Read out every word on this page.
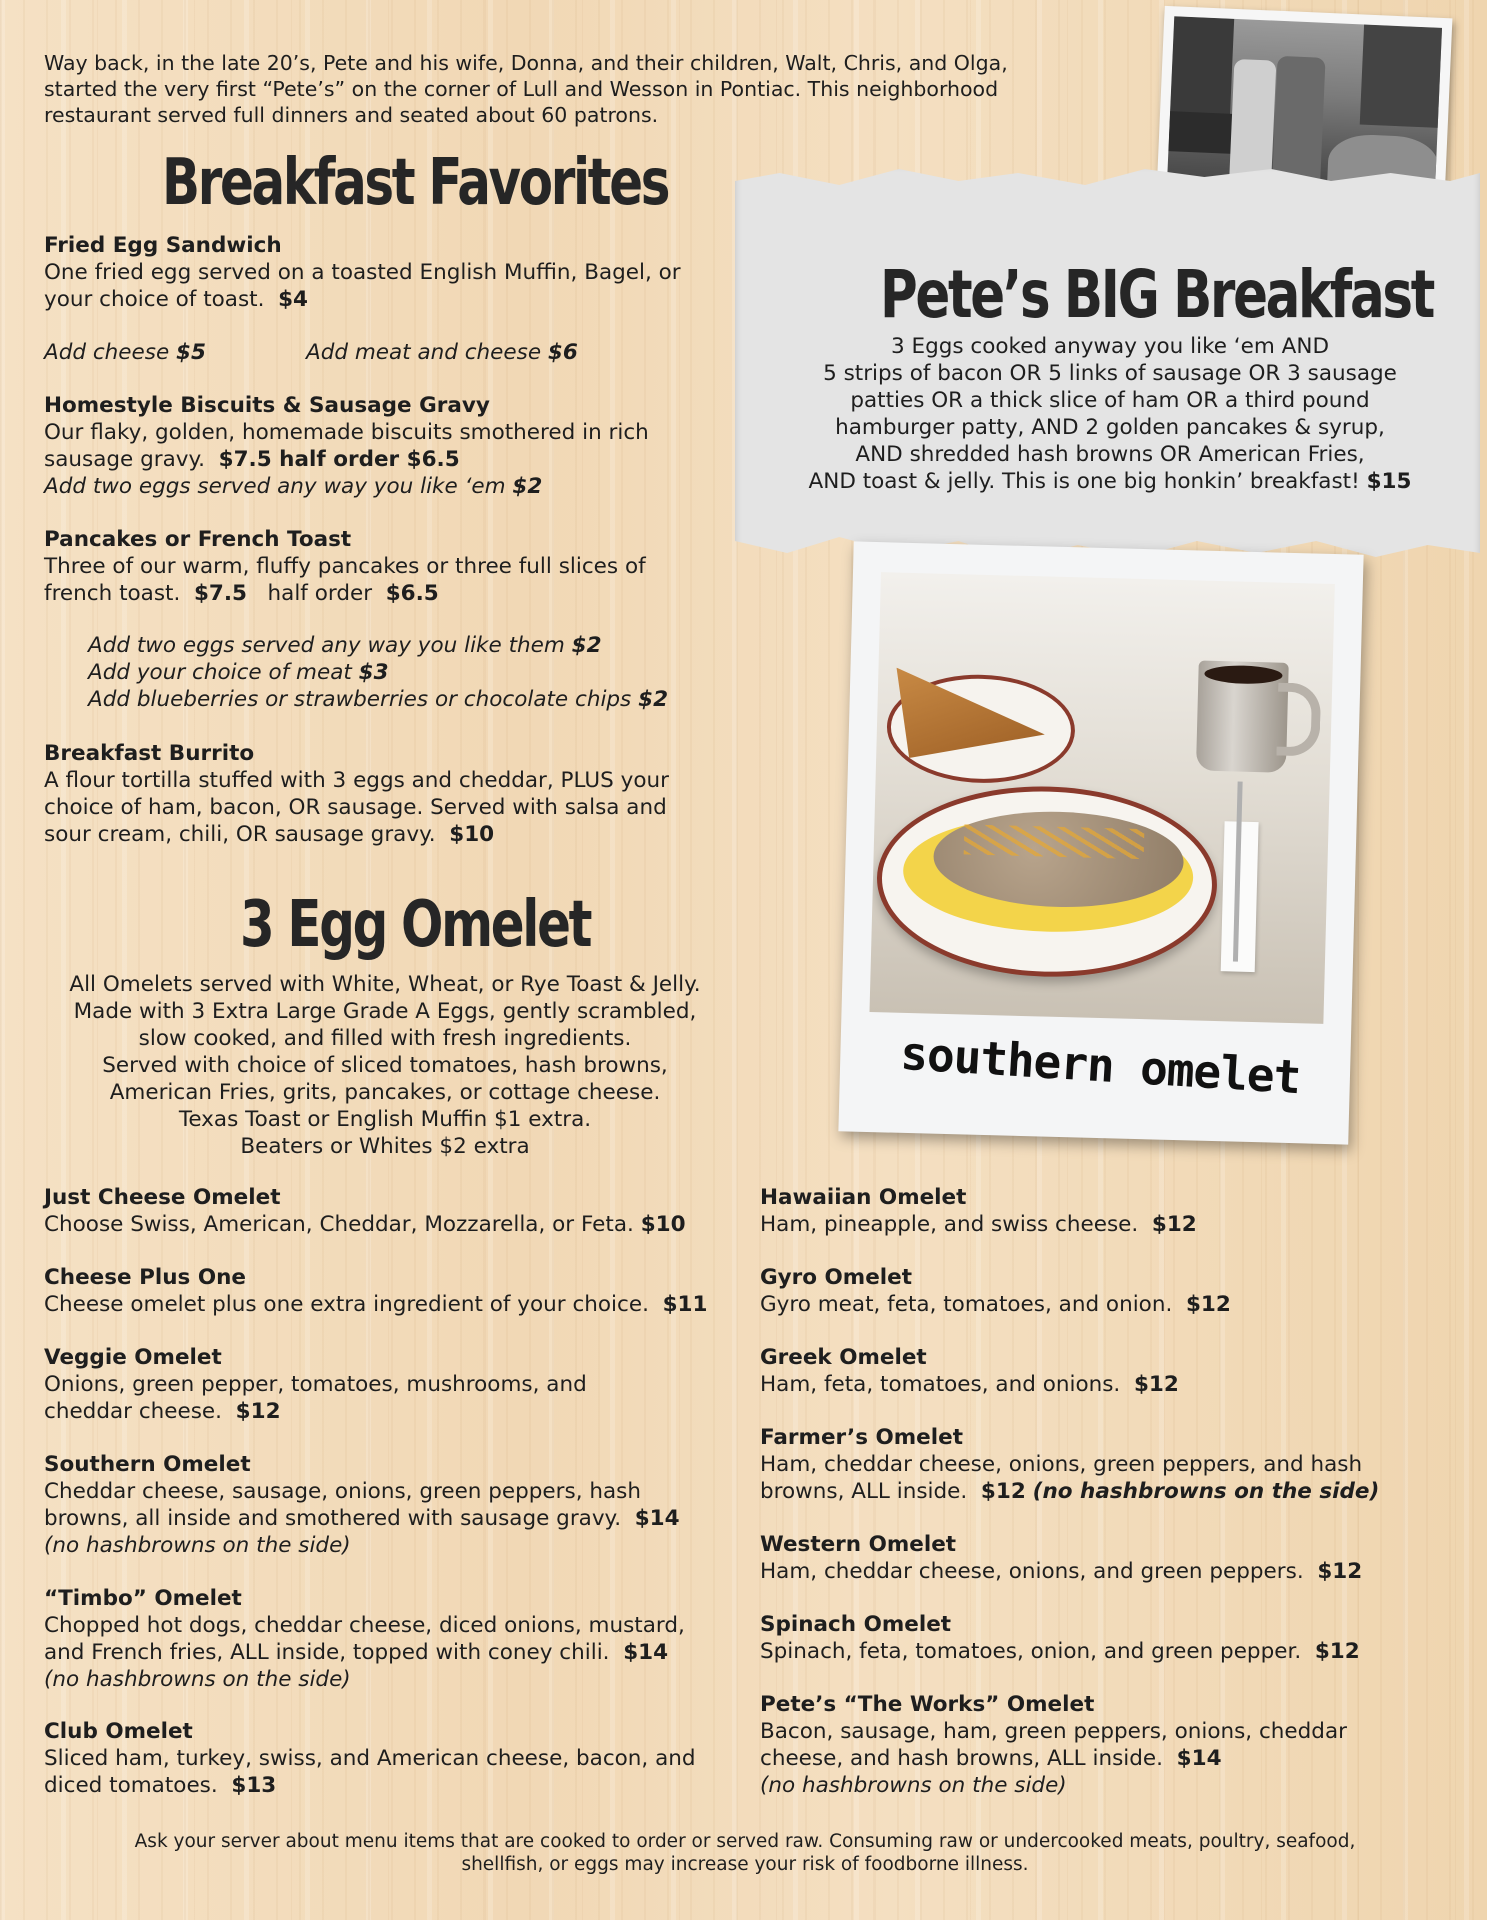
Way back, in the late 20’s, Pete and his wife, Donna, and their children, Walt, Chris, and Olga,
started the very first “Pete’s” on the corner of Lull and Wesson in Pontiac. This neighborhood
restaurant served full dinners and seated about 60 patrons.
Breakfast Favorites
Fried Egg Sandwich
One fried egg served on a toasted English Muffin, Bagel, or
your choice of toast. $4
Add cheese $5	Add meat and cheese $6
Homestyle Biscuits & Sausage Gravy
Our flaky, golden, homemade biscuits smothered in rich
sausage gravy. $7.5 half order $6.5
Add two eggs served any way you like ‘em $2
Pancakes or French Toast
Three of our warm, fluffy pancakes or three full slices of
french toast. $7.5 half order $6.5
Add two eggs served any way you like them $2
Add your choice of meat $3
Add blueberries or strawberries or chocolate chips $2
Breakfast Burrito
A flour tortilla stuffed with 3 eggs and cheddar, PLUS your
choice of ham, bacon, OR sausage. Served with salsa and
sour cream, chili, OR sausage gravy. $10
Pete’s BIG Breakfast
3 Eggs cooked anyway you like ‘em AND
5 strips of bacon OR 5 links of sausage OR 3 sausage
patties OR a thick slice of ham OR a third pound
hamburger patty, AND 2 golden pancakes & syrup,
AND shredded hash browns OR American Fries,
AND toast & jelly. This is one big honkin’ breakfast! $15
southern omelet
3 Egg Omelet
All Omelets served with White, Wheat, or Rye Toast & Jelly.
Made with 3 Extra Large Grade A Eggs, gently scrambled,
slow cooked, and filled with fresh ingredients.
Served with choice of sliced tomatoes, hash browns,
American Fries, grits, pancakes, or cottage cheese.
Texas Toast or English Muffin $1 extra.
Beaters or Whites $2 extra
Just Cheese Omelet
Choose Swiss, American, Cheddar, Mozzarella, or Feta. $10
Cheese Plus One
Cheese omelet plus one extra ingredient of your choice. $11
Veggie Omelet
Onions, green pepper, tomatoes, mushrooms, and
cheddar cheese. $12
Southern Omelet
Cheddar cheese, sausage, onions, green peppers, hash
browns, all inside and smothered with sausage gravy. $14
(no hashbrowns on the side)
“Timbo” Omelet
Chopped hot dogs, cheddar cheese, diced onions, mustard,
and French fries, ALL inside, topped with coney chili. $14
(no hashbrowns on the side)
Club Omelet
Sliced ham, turkey, swiss, and American cheese, bacon, and
diced tomatoes. $13
Hawaiian Omelet
Ham, pineapple, and swiss cheese. $12
Gyro Omelet
Gyro meat, feta, tomatoes, and onion. $12
Greek Omelet
Ham, feta, tomatoes, and onions. $12
Farmer’s Omelet
Ham, cheddar cheese, onions, green peppers, and hash
browns, ALL inside. $12 (no hashbrowns on the side)
Western Omelet
Ham, cheddar cheese, onions, and green peppers. $12
Spinach Omelet
Spinach, feta, tomatoes, onion, and green pepper. $12
Pete’s “The Works” Omelet
Bacon, sausage, ham, green peppers, onions, cheddar
cheese, and hash browns, ALL inside. $14
(no hashbrowns on the side)
Ask your server about menu items that are cooked to order or served raw. Consuming raw or undercooked meats, poultry, seafood,
shellfish, or eggs may increase your risk of foodborne illness.
